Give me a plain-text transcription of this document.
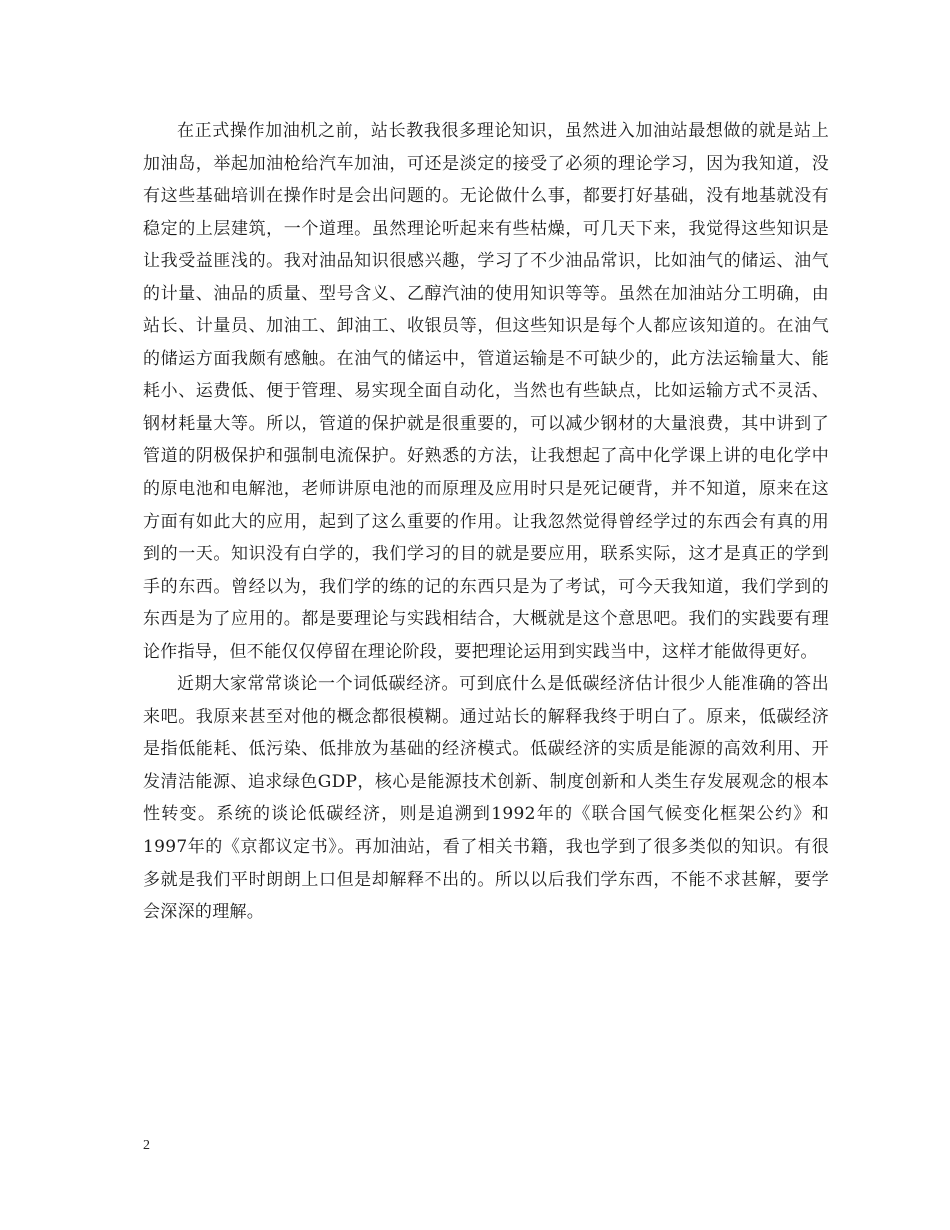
在正式操作加油机之前，站长教我很多理论知识，虽然进入加油站最想做的就是站上加油岛，举起加油枪给汽车加油，可还是淡定的接受了必须的理论学习，因为我知道，没有这些基础培训在操作时是会出问题的。无论做什么事，都要打好基础，没有地基就没有稳定的上层建筑，一个道理。虽然理论听起来有些枯燥，可几天下来，我觉得这些知识是让我受益匪浅的。我对油品知识很感兴趣，学习了不少油品常识，比如油气的储运、油气的计量、油品的质量、型号含义、乙醇汽油的使用知识等等。虽然在加油站分工明确，由站长、计量员、加油工、卸油工、收银员等，但这些知识是每个人都应该知道的。在油气的储运方面我颇有感触。在油气的储运中，管道运输是不可缺少的，此方法运输量大、能耗小、运费低、便于管理、易实现全面自动化，当然也有些缺点，比如运输方式不灵活、钢材耗量大等。所以，管道的保护就是很重要的，可以减少钢材的大量浪费，其中讲到了管道的阴极保护和强制电流保护。好熟悉的方法，让我想起了高中化学课上讲的电化学中的原电池和电解池，老师讲原电池的而原理及应用时只是死记硬背，并不知道，原来在这方面有如此大的应用，起到了这么重要的作用。让我忽然觉得曾经学过的东西会有真的用到的一天。知识没有白学的，我们学习的目的就是要应用，联系实际，这才是真正的学到手的东西。曾经以为，我们学的练的记的东西只是为了考试，可今天我知道，我们学到的东西是为了应用的。都是要理论与实践相结合，大概就是这个意思吧。我们的实践要有理论作指导，但不能仅仅停留在理论阶段，要把理论运用到实践当中，这样才能做得更好。

近期大家常常谈论一个词低碳经济。可到底什么是低碳经济估计很少人能准确的答出来吧。我原来甚至对他的概念都很模糊。通过站长的解释我终于明白了。原来，低碳经济是指低能耗、低污染、低排放为基础的经济模式。低碳经济的实质是能源的高效利用、开发清洁能源、追求绿色GDP，核心是能源技术创新、制度创新和人类生存发展观念的根本性转变。系统的谈论低碳经济，则是追溯到1992年的《联合国气候变化框架公约》和1997年的《京都议定书》。再加油站，看了相关书籍，我也学到了很多类似的知识。有很多就是我们平时朗朗上口但是却解释不出的。所以以后我们学东西，不能不求甚解，要学会深深的理解。

2
